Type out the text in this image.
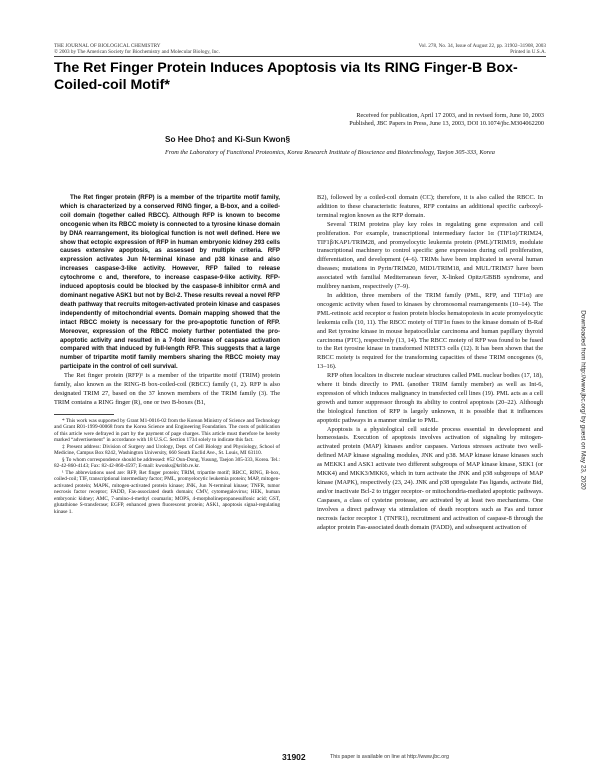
THE JOURNAL OF BIOLOGICAL CHEMISTRY
© 2003 by The American Society for Biochemistry and Molecular Biology, Inc.
Vol. 278, No. 34, Issue of August 22, pp. 31902–31908, 2003
Printed in U.S.A.
The Ret Finger Protein Induces Apoptosis via Its RING Finger-B Box-Coiled-coil Motif*
Received for publication, April 17 2003, and in revised form, June 10, 2003
Published, JBC Papers in Press, June 13, 2003, DOI 10.1074/jbc.M304062200
So Hee Dho‡ and Ki-Sun Kwon§
From the Laboratory of Functional Proteomics, Korea Research Institute of Bioscience and Biotechnology, Taejon 305-333, Korea

The Ret finger protein (RFP) is a member of the tripartite motif family, which is characterized by a conserved RING finger, a B-box, and a coiled-coil domain (together called RBCC). Although RFP is known to become oncogenic when its RBCC moiety is connected to a tyrosine kinase domain by DNA rearrangement, its biological function is not well defined. Here we show that ectopic expression of RFP in human embryonic kidney 293 cells causes extensive apoptosis, as assessed by multiple criteria. RFP expression activates Jun N-terminal kinase and p38 kinase and also increases caspase-3-like activity. However, RFP failed to release cytochrome c and, therefore, to increase caspase-9-like activity. RFP-induced apoptosis could be blocked by the caspase-8 inhibitor crmA and dominant negative ASK1 but not by Bcl-2. These results reveal a novel RFP death pathway that recruits mitogen-activated protein kinase and caspases independently of mitochondrial events. Domain mapping showed that the intact RBCC moiety is necessary for the pro-apoptotic function of RFP. Moreover, expression of the RBCC moiety further potentiated the pro-apoptotic activity and resulted in a 7-fold increase of caspase activation compared with that induced by full-length RFP. This suggests that a large number of tripartite motif family members sharing the RBCC moiety may participate in the control of cell survival.

The Ret finger protein (RFP)¹ is a member of the tripartite motif (TRIM) protein family, also known as the RING-B box-coiled-coil (RBCC) family (1, 2). RFP is also designated TRIM 27, based on the 37 known members of the TRIM family (3). The TRIM contains a RING finger (R), one or two B-boxes (B1,

* This work was supported by Grant M1-0016-02 from the Korean Ministry of Science and Technology and Grant R01-1999-00068 from the Korea Science and Engineering Foundation. The costs of publication of this article were defrayed in part by the payment of page charges. This article must therefore be hereby marked “advertisement” in accordance with 18 U.S.C. Section 1734 solely to indicate this fact.

‡ Present address: Division of Surgery and Urology, Dept. of Cell Biology and Physiology, School of Medicine, Campus Box 8242, Washington University, 660 South Euclid Ave., St. Louis, MI 63110.

§ To whom correspondence should be addressed: #52 Oun-Dong, Yusung, Taejon 305-333, Korea. Tel.: 82-42-860-4143; Fax: 82-42-860-4597; E-mail: kwonks@kribb.re.kr.

¹ The abbreviations used are: RFP, Ret finger protein; TRIM, tripartite motif; RBCC, RING, B-box, coiled-coil; TIF, transcriptional intermediary factor; PML, promyelocytic leukemia protein; MAP, mitogen-activated protein; MAPK, mitogen-activated protein kinase; JNK, Jun N-terminal kinase; TNFR, tumor necrosis factor receptor; FADD, Fas-associated death domain; CMV, cytomegalovirus; HEK, human embryonic kidney; AMC, 7-amino-4-methyl coumarin; MOPS, 4-morpholinepropanesulfonic acid; GST, glutathione S-transferase; EGFP, enhanced green fluorescent protein; ASK1, apoptosis signal-regulating kinase 1.

B2), followed by a coiled-coil domain (CC); therefore, it is also called the RBCC. In addition to these characteristic features, RFP contains an additional specific carboxyl-terminal region known as the RFP domain.

Several TRIM proteins play key roles in regulating gene expression and cell proliferation. For example, transcriptional intermediary factor 1α (TIF1α)/TRIM24, TIF1β/KAP1/TRIM28, and promyelocytic leukemia protein (PML)/TRIM19, modulate transcriptional machinery to control specific gene expression during cell proliferation, differentiation, and development (4–6). TRIMs have been implicated in several human diseases; mutations in Pyrin/TRIM20, MID1/TRIM18, and MUL/TRIM37 have been associated with familial Mediterranean fever, X-linked Opitz/GBBB syndrome, and mulibrey nanism, respectively (7–9).

In addition, three members of the TRIM family (PML, RFP, and TIF1α) are oncogenic activity when fused to kinases by chromosomal rearrangements (10–14). The PML-retinoic acid receptor α fusion protein blocks hematopoiesis in acute promyelocytic leukemia cells (10, 11). The RBCC moiety of TIF1α fuses to the kinase domain of B-Raf and Ret tyrosine kinase in mouse hepatocellular carcinoma and human papillary thyroid carcinoma (PTC), respectively (13, 14). The RBCC moiety of RFP was found to be fused to the Ret tyrosine kinase in transformed NIH3T3 cells (12). It has been shown that the RBCC moiety is required for the transforming capacities of these TRIM oncogenes (6, 13–16).

RFP often localizes in discrete nuclear structures called PML nuclear bodies (17, 18), where it binds directly to PML (another TRIM family member) as well as Int-6, expression of which induces malignancy in transfected cell lines (19). PML acts as a cell growth and tumor suppressor through its ability to control apoptosis (20–22). Although the biological function of RFP is largely unknown, it is possible that it influences apoptotic pathways in a manner similar to PML.

Apoptosis is a physiological cell suicide process essential in development and homeostasis. Execution of apoptosis involves activation of signaling by mitogen-activated protein (MAP) kinases and/or caspases. Various stresses activate two well-defined MAP kinase signaling modules, JNK and p38. MAP kinase kinase kinases such as MEKK1 and ASK1 activate two different subgroups of MAP kinase kinase, SEK1 (or MKK4) and MKK3/MKK6, which in turn activate the JNK and p38 subgroups of MAP kinase (MAPK), respectively (23, 24). JNK and p38 upregulate Fas ligands, activate Bid, and/or inactivate Bcl-2 to trigger receptor- or mitochondria-mediated apoptotic pathways. Caspases, a class of cysteine protease, are activated by at least two mechanisms. One involves a direct pathway via stimulation of death receptors such as Fas and tumor necrosis factor receptor 1 (TNFR1), recruitment and activation of caspase-8 through the adaptor protein Fas-associated death domain (FADD), and subsequent activation of

31902	This paper is available on line at http://www.jbc.org
Downloaded from http://www.jbc.org/ by guest on May 23, 2020
